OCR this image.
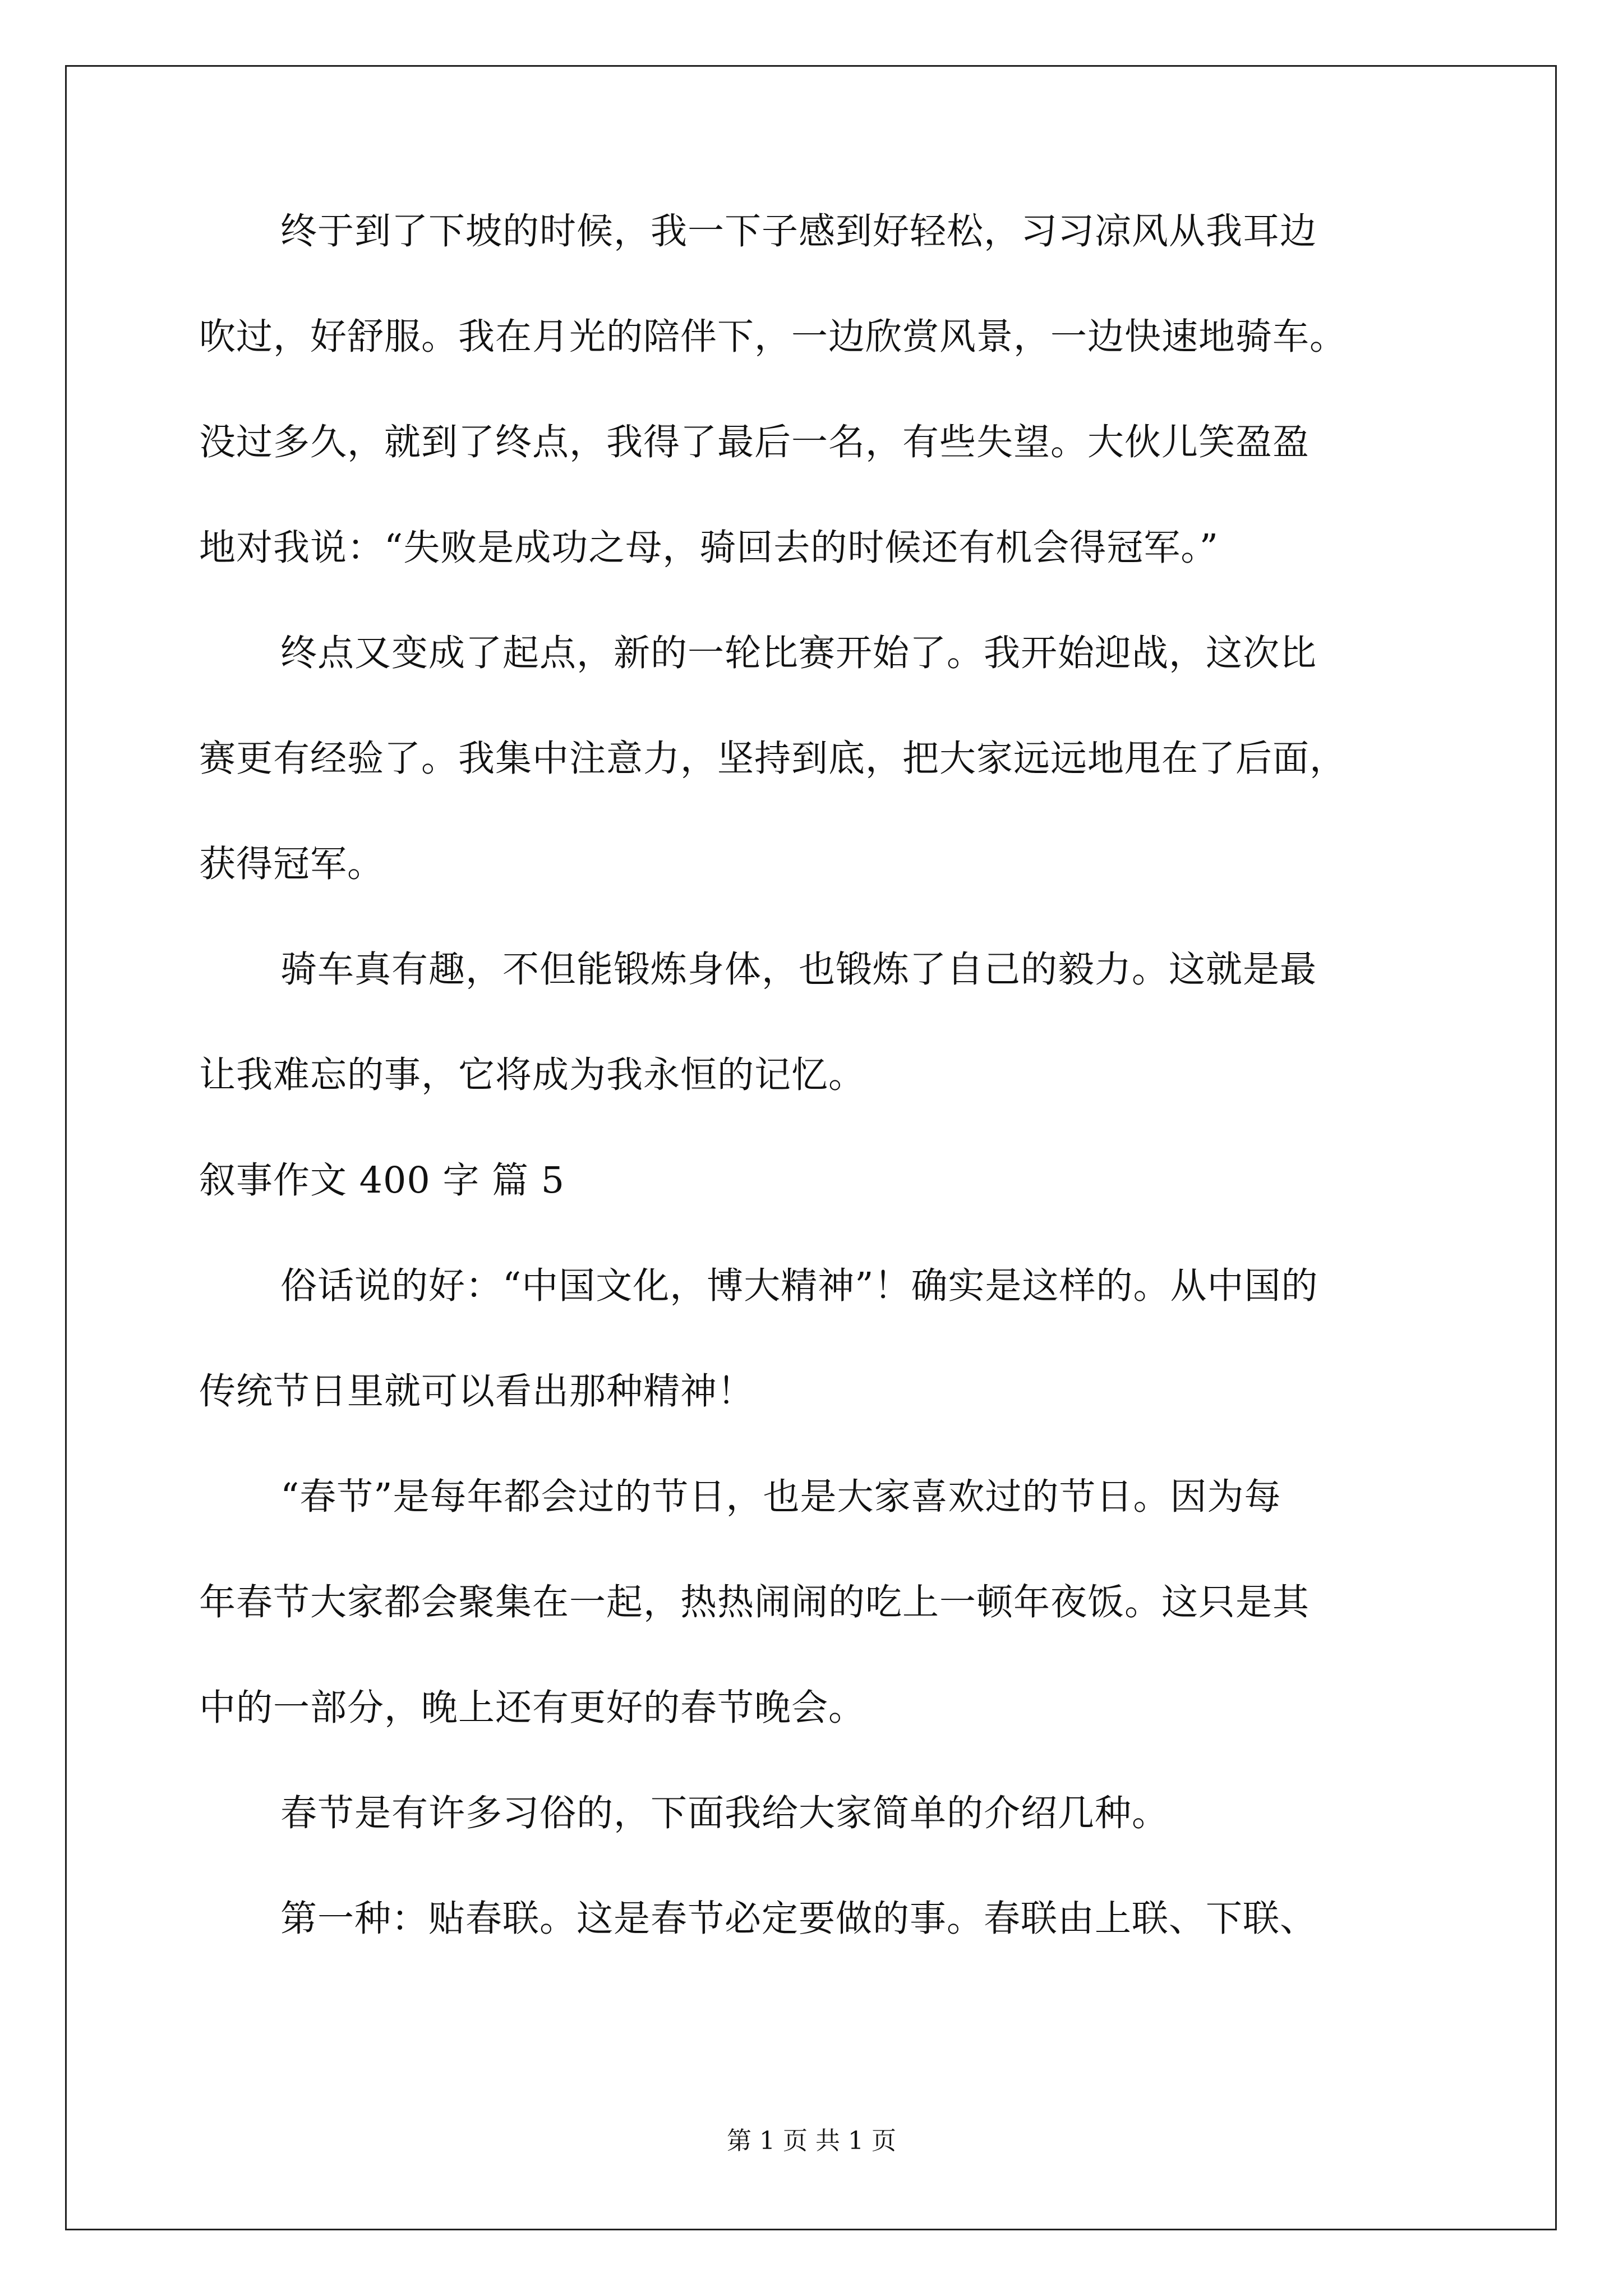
终于到了下坡的时候，我一下子感到好轻松，习习凉风从我耳边
吹过，好舒服。我在月光的陪伴下，一边欣赏风景，一边快速地骑车。
没过多久，就到了终点，我得了最后一名，有些失望。大伙儿笑盈盈
地对我说：“失败是成功之母，骑回去的时候还有机会得冠军。”
终点又变成了起点，新的一轮比赛开始了。我开始迎战，这次比
赛更有经验了。我集中注意力，坚持到底，把大家远远地甩在了后面，
获得冠军。
骑车真有趣，不但能锻炼身体，也锻炼了自己的毅力。这就是最
让我难忘的事，它将成为我永恒的记忆。
叙事作文 400 字 篇 5
俗话说的好：“中国文化，博大精神”！确实是这样的。从中国的
传统节日里就可以看出那种精神！
“春节”是每年都会过的节日，也是大家喜欢过的节日。因为每
年春节大家都会聚集在一起，热热闹闹的吃上一顿年夜饭。这只是其
中的一部分，晚上还有更好的春节晚会。
春节是有许多习俗的，下面我给大家简单的介绍几种。
第一种：贴春联。这是春节必定要做的事。春联由上联、下联、
第 1 页 共 1 页
